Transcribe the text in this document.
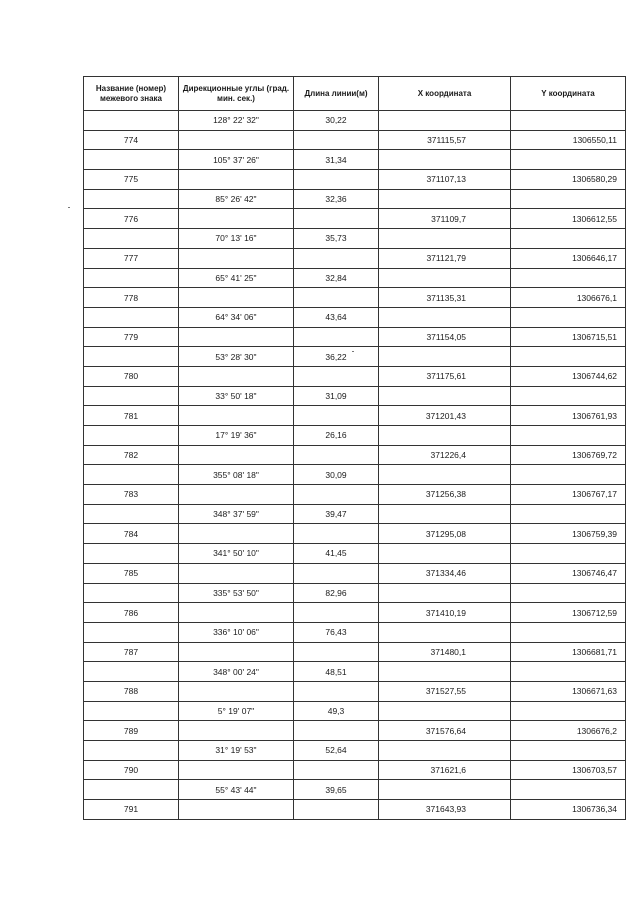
Название (номер) межевого знака	Дирекционные углы (град. мин. сек.)	Длина линии(м)	X координата	Y координата
	128° 22' 32"	30,22		
774			371115,57	1306550,11
	105° 37' 26"	31,34		
775			371107,13	1306580,29
	85° 26' 42"	32,36		
776			371109,7	1306612,55
	70° 13' 16"	35,73		
777			371121,79	1306646,17
	65° 41' 25"	32,84		
778			371135,31	1306676,1
	64° 34' 06"	43,64		
779			371154,05	1306715,51
	53° 28' 30"	36,22		
780			371175,61	1306744,62
	33° 50' 18"	31,09		
781			371201,43	1306761,93
	17° 19' 36"	26,16		
782			371226,4	1306769,72
	355° 08' 18"	30,09		
783			371256,38	1306767,17
	348° 37' 59"	39,47		
784			371295,08	1306759,39
	341° 50' 10"	41,45		
785			371334,46	1306746,47
	335° 53' 50"	82,96		
786			371410,19	1306712,59
	336° 10' 06"	76,43		
787			371480,1	1306681,71
	348° 00' 24"	48,51		
788			371527,55	1306671,63
	5° 19' 07"	49,3		
789			371576,64	1306676,2
	31° 19' 53"	52,64		
790			371621,6	1306703,57
	55° 43' 44"	39,65		
791			371643,93	1306736,34
